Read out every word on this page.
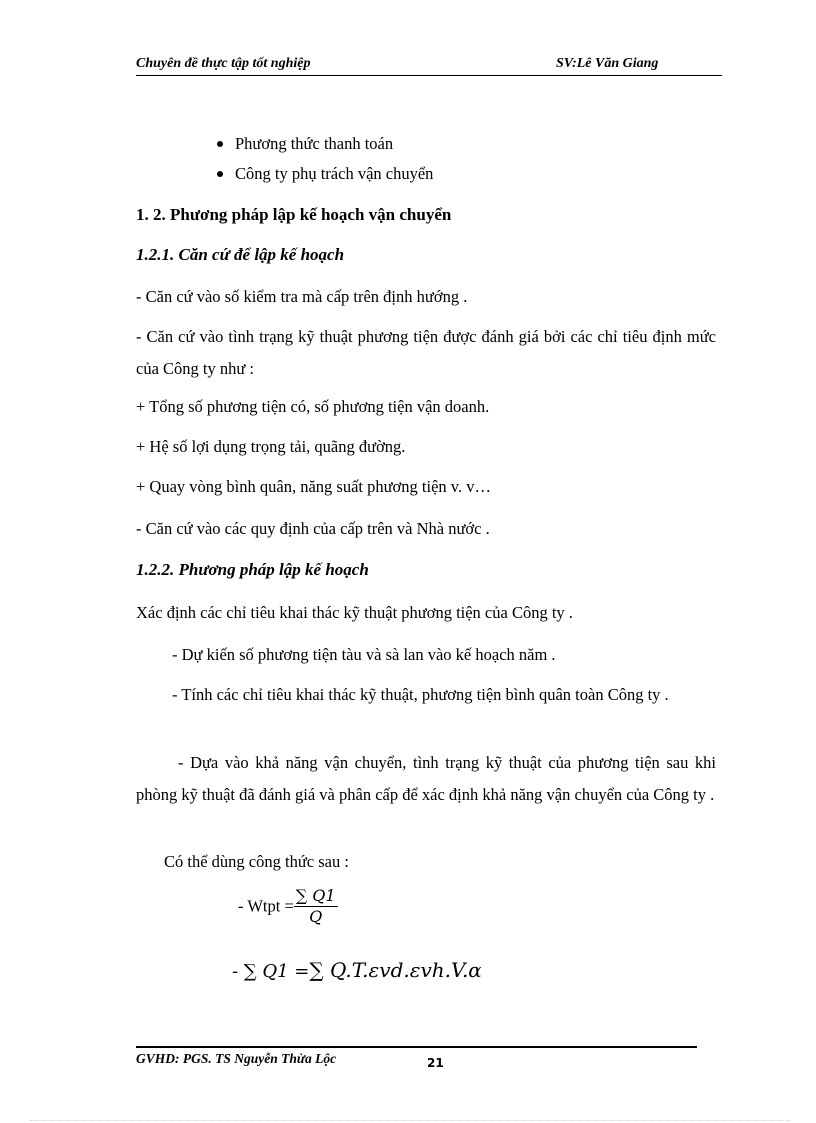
Chuyên đề thực tập tốt nghiệp	SV:Lê Văn Giang
Phương thức thanh toán
Công ty phụ trách vận chuyển
1. 2. Phương pháp lập kế hoạch vận chuyển
1.2.1. Căn cứ để lập kế hoạch
- Căn cứ vào số kiểm tra mà cấp trên định hướng .
- Căn cứ vào tình trạng kỹ thuật phương tiện được đánh giá bởi các chỉ tiêu định mức của Công ty như :
+ Tổng số phương tiện có, số phương tiện vận doanh.
+ Hệ số lợi dụng trọng tải, quãng đường.
+ Quay vòng bình quân, năng suất phương tiện v. v…
- Căn cứ vào các quy định của cấp trên và Nhà nước .
1.2.2. Phương pháp lập kế hoạch
Xác định các chỉ tiêu khai thác kỹ thuật phương tiện của Công ty .
- Dự kiến số phương tiện tàu và sà lan vào kế hoạch năm .
- Tính các chỉ tiêu khai thác kỹ thuật, phương tiện bình quân toàn Công ty .
- Dựa vào khả năng vận chuyển, tình trạng kỹ thuật của phương tiện sau khi phòng kỹ thuật đã đánh giá và phân cấp để xác định khả năng vận chuyển của Công ty .
Có thể dùng công thức sau :
- Wtpt = $\frac{\sum Q1}{Q}$
- ∑ Q1 =∑ Q.T.εvd.εvh.V.α
GVHD: PGS. TS Nguyễn Thừa Lộc	21
